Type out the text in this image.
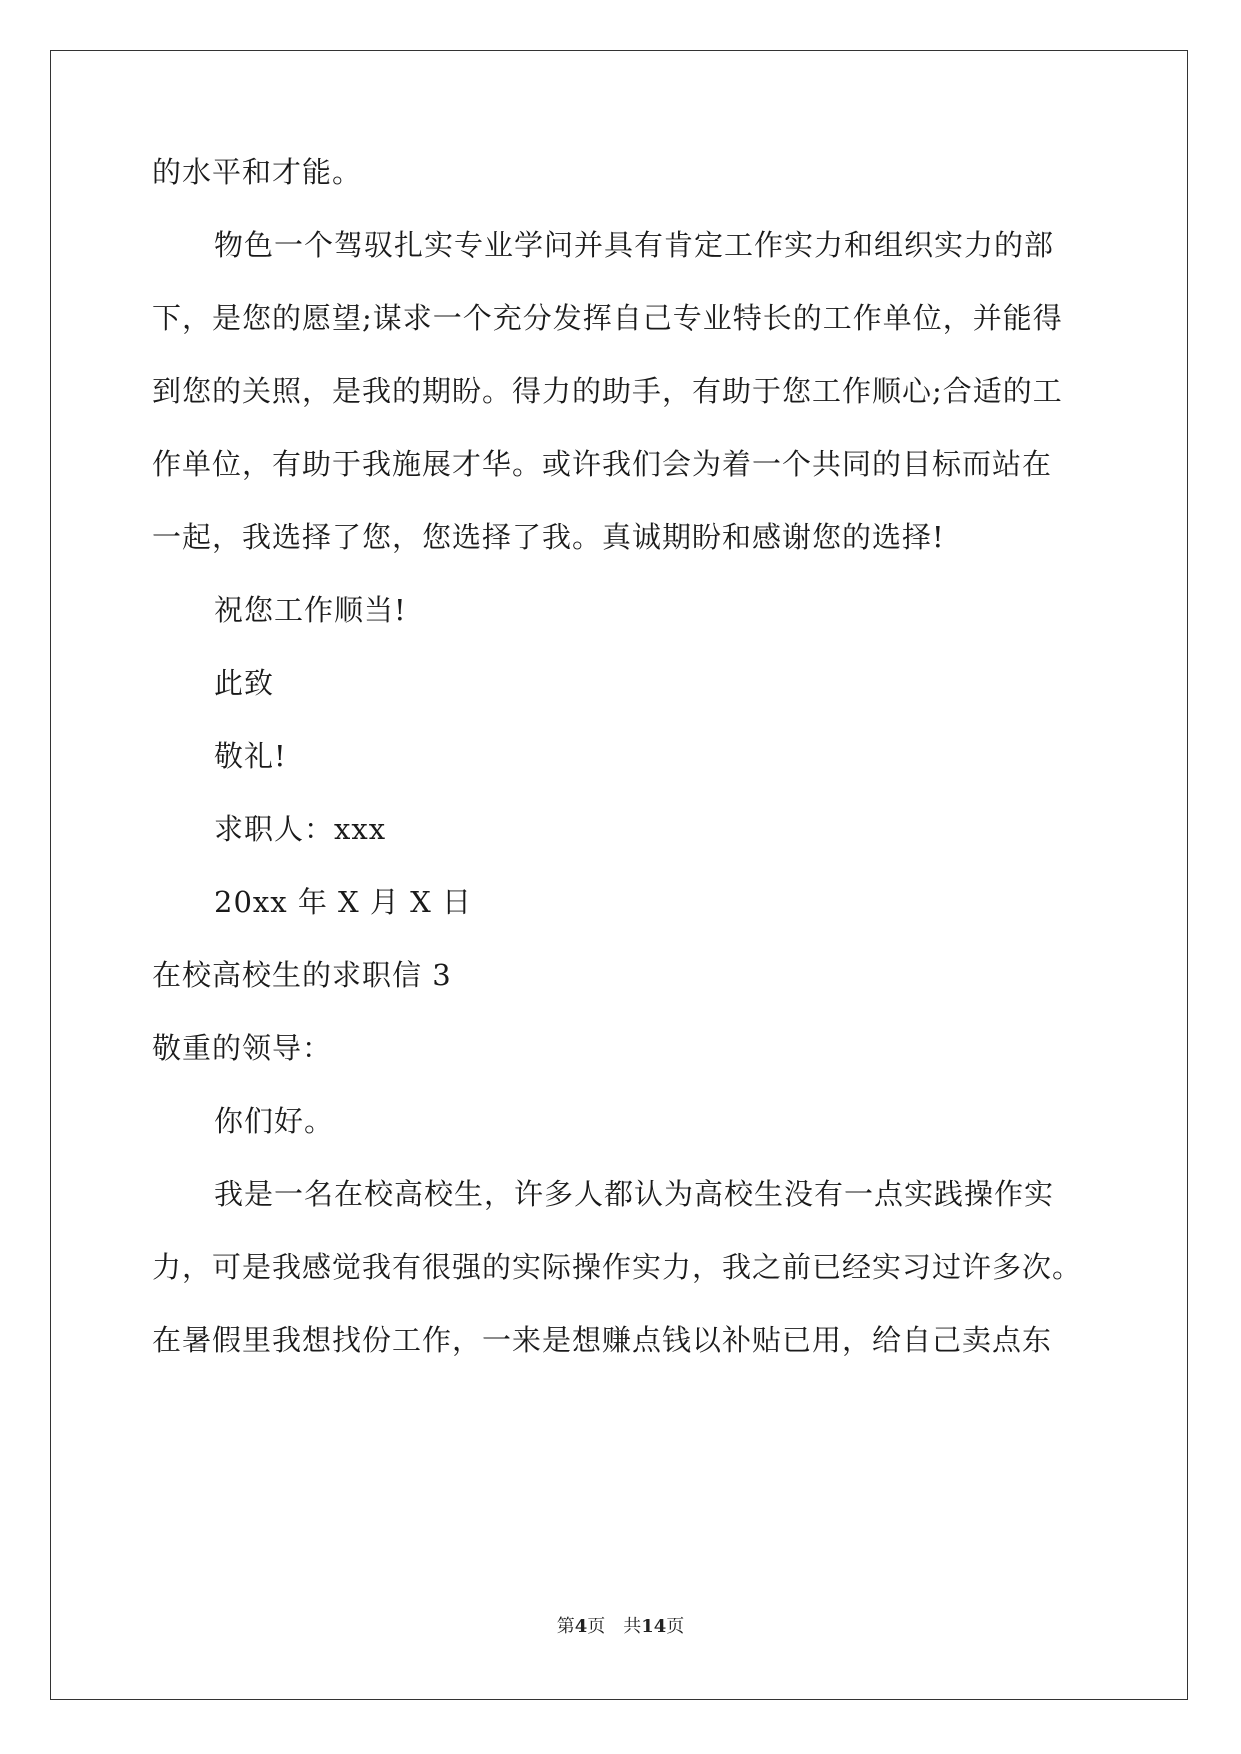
的水平和才能。
物色一个驾驭扎实专业学问并具有肯定工作实力和组织实力的部
下，是您的愿望;谋求一个充分发挥自己专业特长的工作单位，并能得
到您的关照，是我的期盼。得力的助手，有助于您工作顺心;合适的工
作单位，有助于我施展才华。或许我们会为着一个共同的目标而站在
一起，我选择了您，您选择了我。真诚期盼和感谢您的选择!
祝您工作顺当!
此致
敬礼!
求职人：xxx
20xx 年 X 月 X 日
在校高校生的求职信 3
敬重的领导：
你们好。
我是一名在校高校生，许多人都认为高校生没有一点实践操作实
力，可是我感觉我有很强的实际操作实力，我之前已经实习过许多次。
在暑假里我想找份工作，一来是想赚点钱以补贴已用，给自己卖点东
第4页 共14页
